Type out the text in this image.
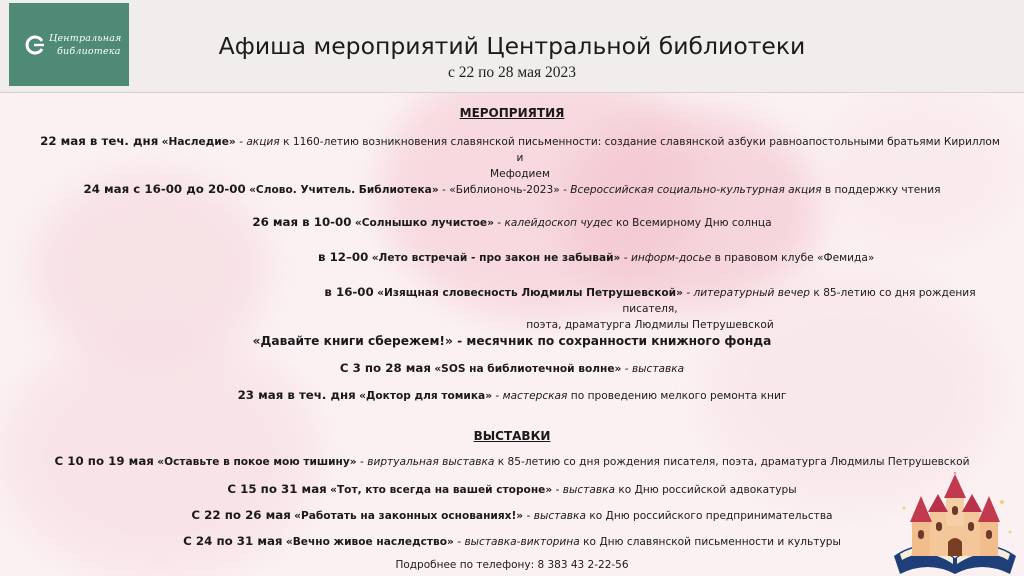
Центральная
библиотека	Афиша мероприятий Центральной библиотеки
с 22 по 28 мая 2023
МЕРОПРИЯТИЯ
22 мая в теч. дня «Наследие» - акция к 1160-летию возникновения славянской письменности: создание славянской азбуки равноапостольными братьями Кириллом и
Мефодием
24 мая с 16-00 до 20-00 «Слово. Учитель. Библиотека» - «Библионочь-2023» - Всероссийская социально-культурная акция в поддержку чтения
26 мая в 10-00 «Солнышко лучистое» - калейдоскоп чудес ко Всемирному Дню солнца
в 12–00 «Лето встречай - про закон не забывай» - информ-досье в правовом клубе «Фемида»
в 16-00 «Изящная словесность Людмилы Петрушевской» - литературный вечер к 85-летию со дня рождения писателя,
поэта, драматурга Людмилы Петрушевской
«Давайте книги сбережем!» - месячник по сохранности книжного фонда
С 3 по 28 мая «SOS на библиотечной волне» - выставка
23 мая в теч. дня «Доктор для томика» - мастерская по проведению мелкого ремонта книг
ВЫСТАВКИ
С 10 по 19 мая «Оставьте в покое мою тишину» - виртуальная выставка к 85-летию со дня рождения писателя, поэта, драматурга Людмилы Петрушевской
С 15 по 31 мая «Тот, кто всегда на вашей стороне» - выставка ко Дню российской адвокатуры
С 22 по 26 мая «Работать на законных основаниях!» - выставка ко Дню российского предпринимательства
С 24 по 31 мая «Вечно живое наследство» - выставка-викторина ко Дню славянской письменности и культуры
Подробнее по телефону: 8 383 43 2-22-56
